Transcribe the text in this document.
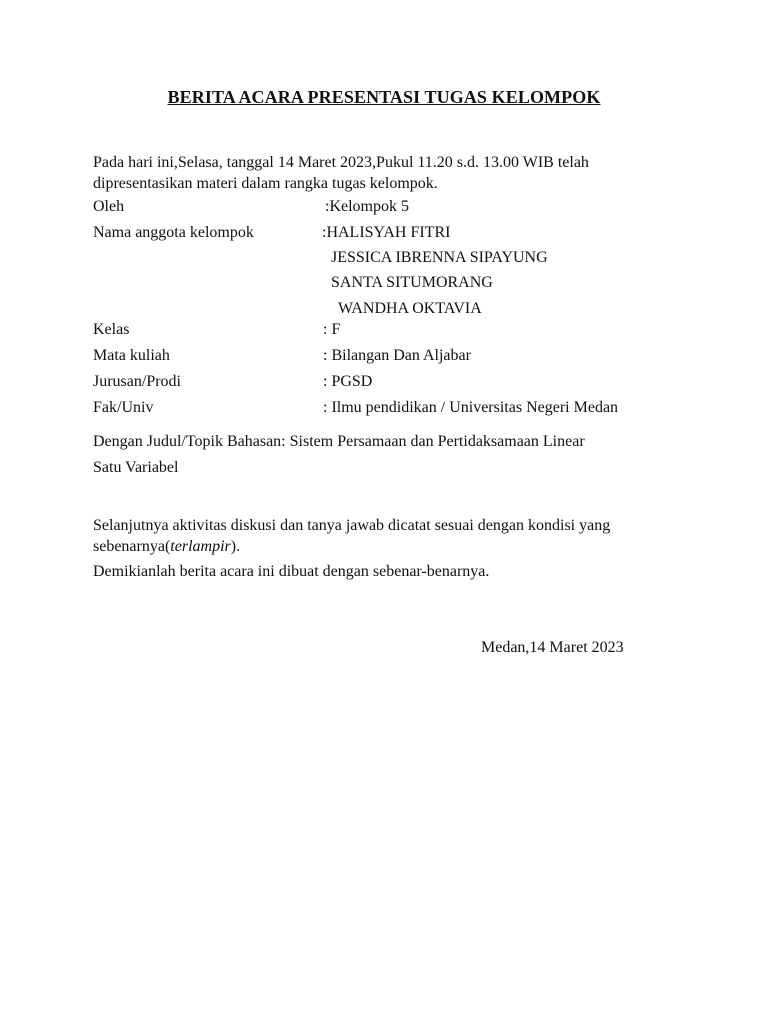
BERITA ACARA PRESENTASI TUGAS KELOMPOK
Pada hari ini,Selasa, tanggal 14 Maret 2023,Pukul 11.20 s.d. 13.00 WIB telah
dipresentasikan materi dalam rangka tugas kelompok.
Oleh	:Kelompok 5
Nama anggota kelompok	:HALISYAH FITRI
JESSICA IBRENNA SIPAYUNG
SANTA SITUMORANG
WANDHA OKTAVIA
Kelas	: F
Mata kuliah	: Bilangan Dan Aljabar
Jurusan/Prodi	: PGSD
Fak/Univ	: Ilmu pendidikan / Universitas Negeri Medan
Dengan Judul/Topik Bahasan: Sistem Persamaan dan Pertidaksamaan Linear
Satu Variabel
Selanjutnya aktivitas diskusi dan tanya jawab dicatat sesuai dengan kondisi yang
sebenarnya(terlampir).
Demikianlah berita acara ini dibuat dengan sebenar-benarnya.
Medan,14 Maret 2023
